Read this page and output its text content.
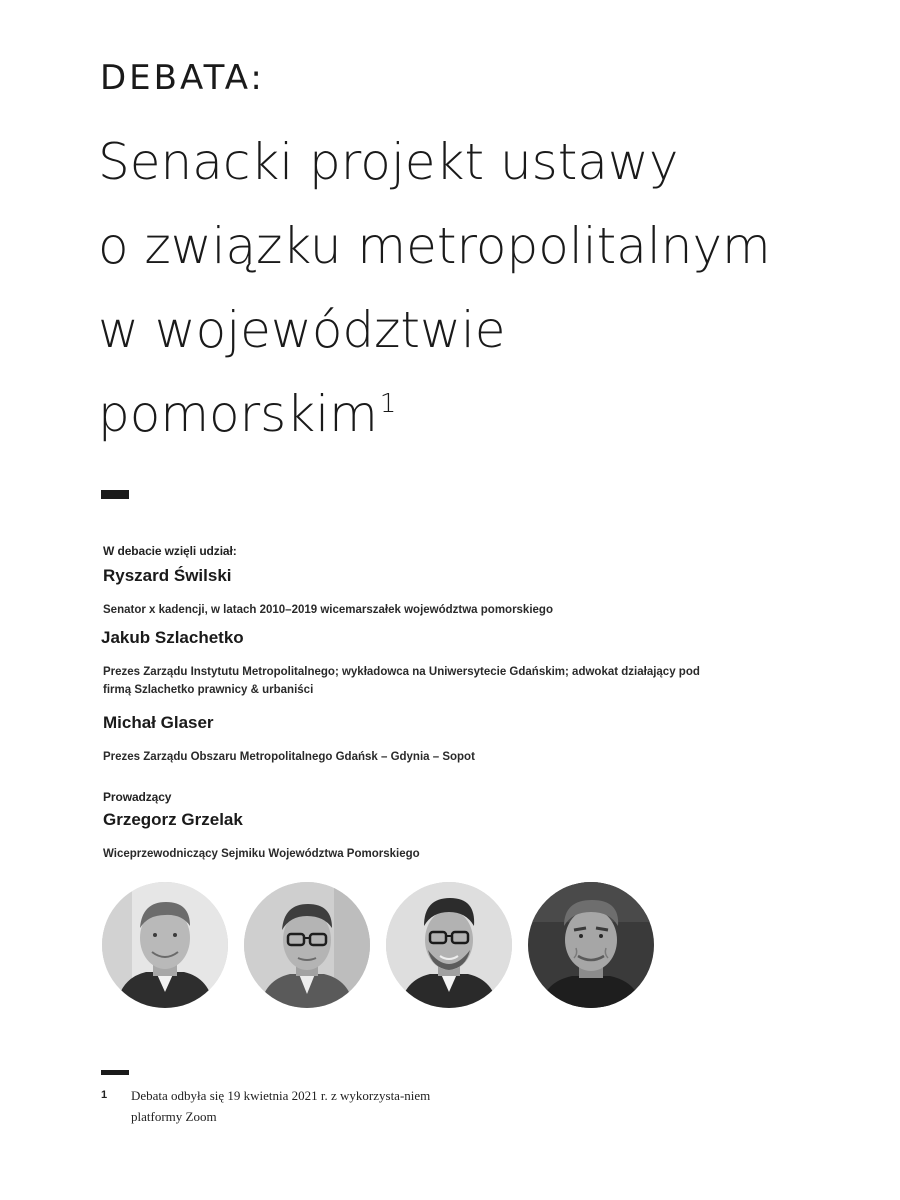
DEBATA:
Senacki projekt ustawy
o związku metropolitalnym
w województwie
pomorskim$^1$
W debacie wzięli udział:
Ryszard Świlski
Senator x kadencji, w latach 2010–2019 wicemarszałek województwa pomorskiego
Jakub Szlachetko
Prezes Zarządu Instytutu Metropolitalnego; wykładowca na Uniwersytecie Gdańskim; adwokat działający pod firmą Szlachetko prawnicy & urbaniści
Michał Glaser
Prezes Zarządu Obszaru Metropolitalnego Gdańsk – Gdynia – Sopot
Prowadzący
Grzegorz Grzelak
Wiceprzewodniczący Sejmiku Województwa Pomorskiego
1 Debata odbyła się 19 kwietnia 2021 r. z wykorzysta-niem platformy Zoom
